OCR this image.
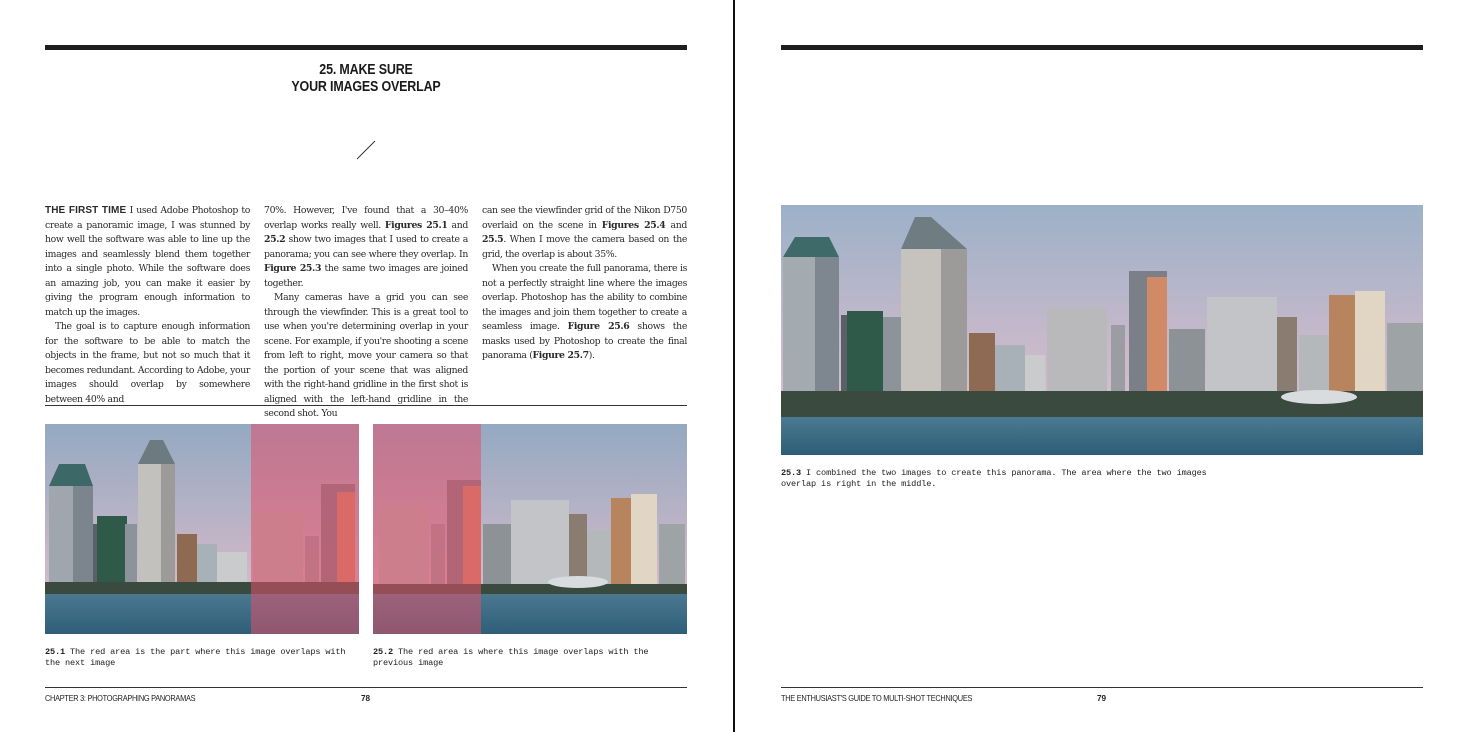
25. MAKE SURE
YOUR IMAGES OVERLAP

THE FIRST TIME I used Adobe Photoshop to create a panoramic image, I was stunned by how well the software was able to line up the images and seamlessly blend them together into a single photo. While the software does an amazing job, you can make it easier by giving the program enough information to match up the images.

The goal is to capture enough information for the software to be able to match the objects in the frame, but not so much that it becomes redundant. According to Adobe, your images should overlap by somewhere between 40% and

70%. However, I've found that a 30–40% overlap works really well. Figures 25.1 and 25.2 show two images that I used to create a panorama; you can see where they overlap. In Figure 25.3 the same two images are joined together.

Many cameras have a grid you can see through the viewfinder. This is a great tool to use when you're determining overlap in your scene. For example, if you're shooting a scene from left to right, move your camera so that the portion of your scene that was aligned with the right-hand gridline in the first shot is aligned with the left-hand gridline in the second shot. You

can see the viewfinder grid of the Nikon D750 overlaid on the scene in Figures 25.4 and 25.5. When I move the camera based on the grid, the overlap is about 35%.

When you create the full panorama, there is not a perfectly straight line where the images overlap. Photoshop has the ability to combine the images and join them together to create a seamless image. Figure 25.6 shows the masks used by Photoshop to create the final panorama (Figure 25.7).

25.1 The red area is the part where this image overlaps with the next image
25.2 The red area is where this image overlaps with the previous image
CHAPTER 3: PHOTOGRAPHING PANORAMAS	78
25.3 I combined the two images to create this panorama. The area where the two images overlap is right in the middle.
THE ENTHUSIAST'S GUIDE TO MULTI-SHOT TECHNIQUES	79
